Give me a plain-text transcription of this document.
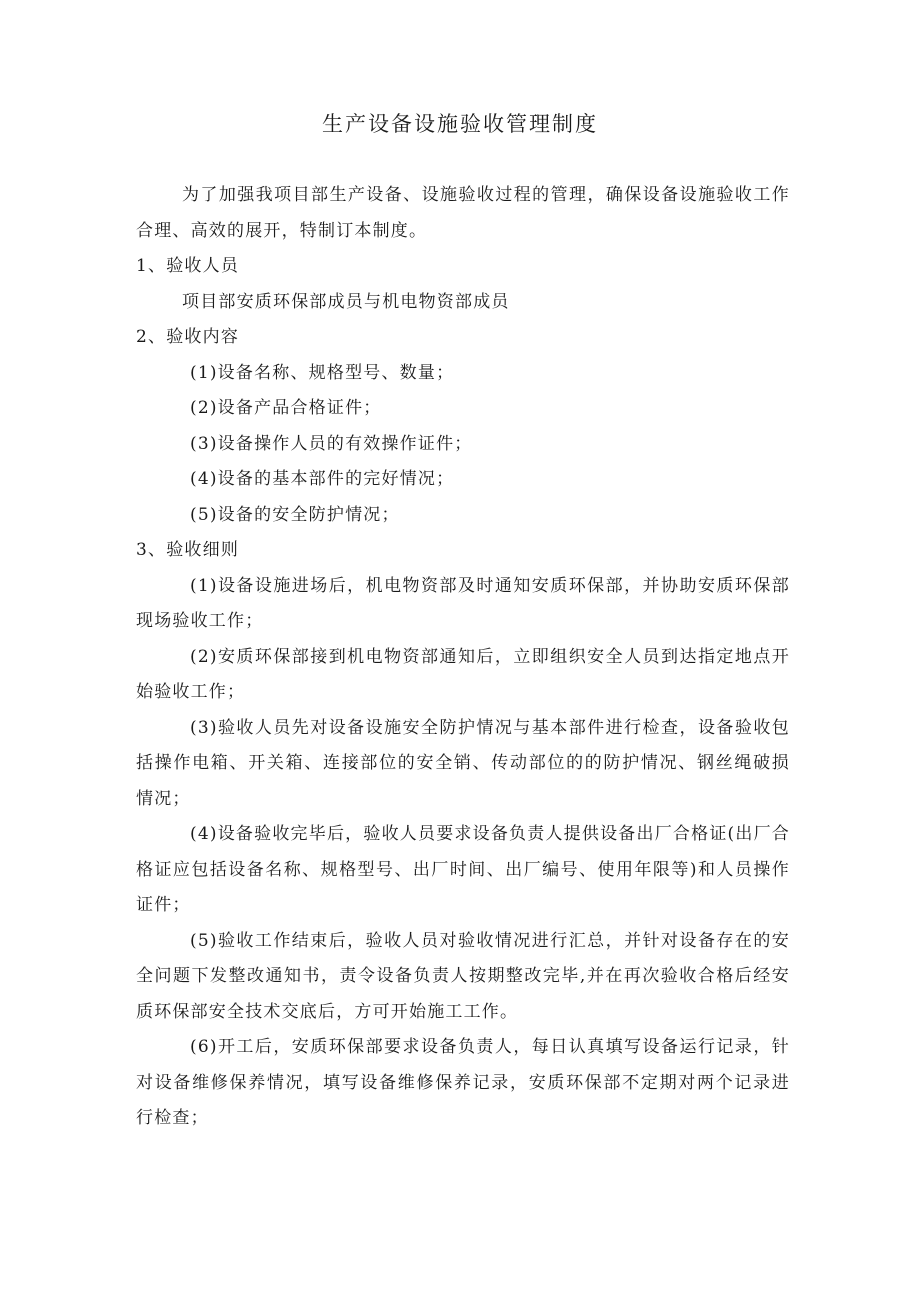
生产设备设施验收管理制度

为了加强我项目部生产设备、设施验收过程的管理，确保设备设施验收工作合理、高效的展开，特制订本制度。

1、验收人员

项目部安质环保部成员与机电物资部成员

2、验收内容

(1)设备名称、规格型号、数量；

(2)设备产品合格证件；

(3)设备操作人员的有效操作证件；

(4)设备的基本部件的完好情况；

(5)设备的安全防护情况；

3、验收细则

(1)设备设施进场后，机电物资部及时通知安质环保部，并协助安质环保部现场验收工作；

(2)安质环保部接到机电物资部通知后，立即组织安全人员到达指定地点开始验收工作；

(3)验收人员先对设备设施安全防护情况与基本部件进行检查，设备验收包括操作电箱、开关箱、连接部位的安全销、传动部位的的防护情况、钢丝绳破损情况；

(4)设备验收完毕后，验收人员要求设备负责人提供设备出厂合格证(出厂合格证应包括设备名称、规格型号、出厂时间、出厂编号、使用年限等)和人员操作证件；

(5)验收工作结束后，验收人员对验收情况进行汇总，并针对设备存在的安全问题下发整改通知书，责令设备负责人按期整改完毕,并在再次验收合格后经安质环保部安全技术交底后，方可开始施工工作。

(6)开工后，安质环保部要求设备负责人，每日认真填写设备运行记录，针对设备维修保养情况，填写设备维修保养记录，安质环保部不定期对两个记录进行检查；
